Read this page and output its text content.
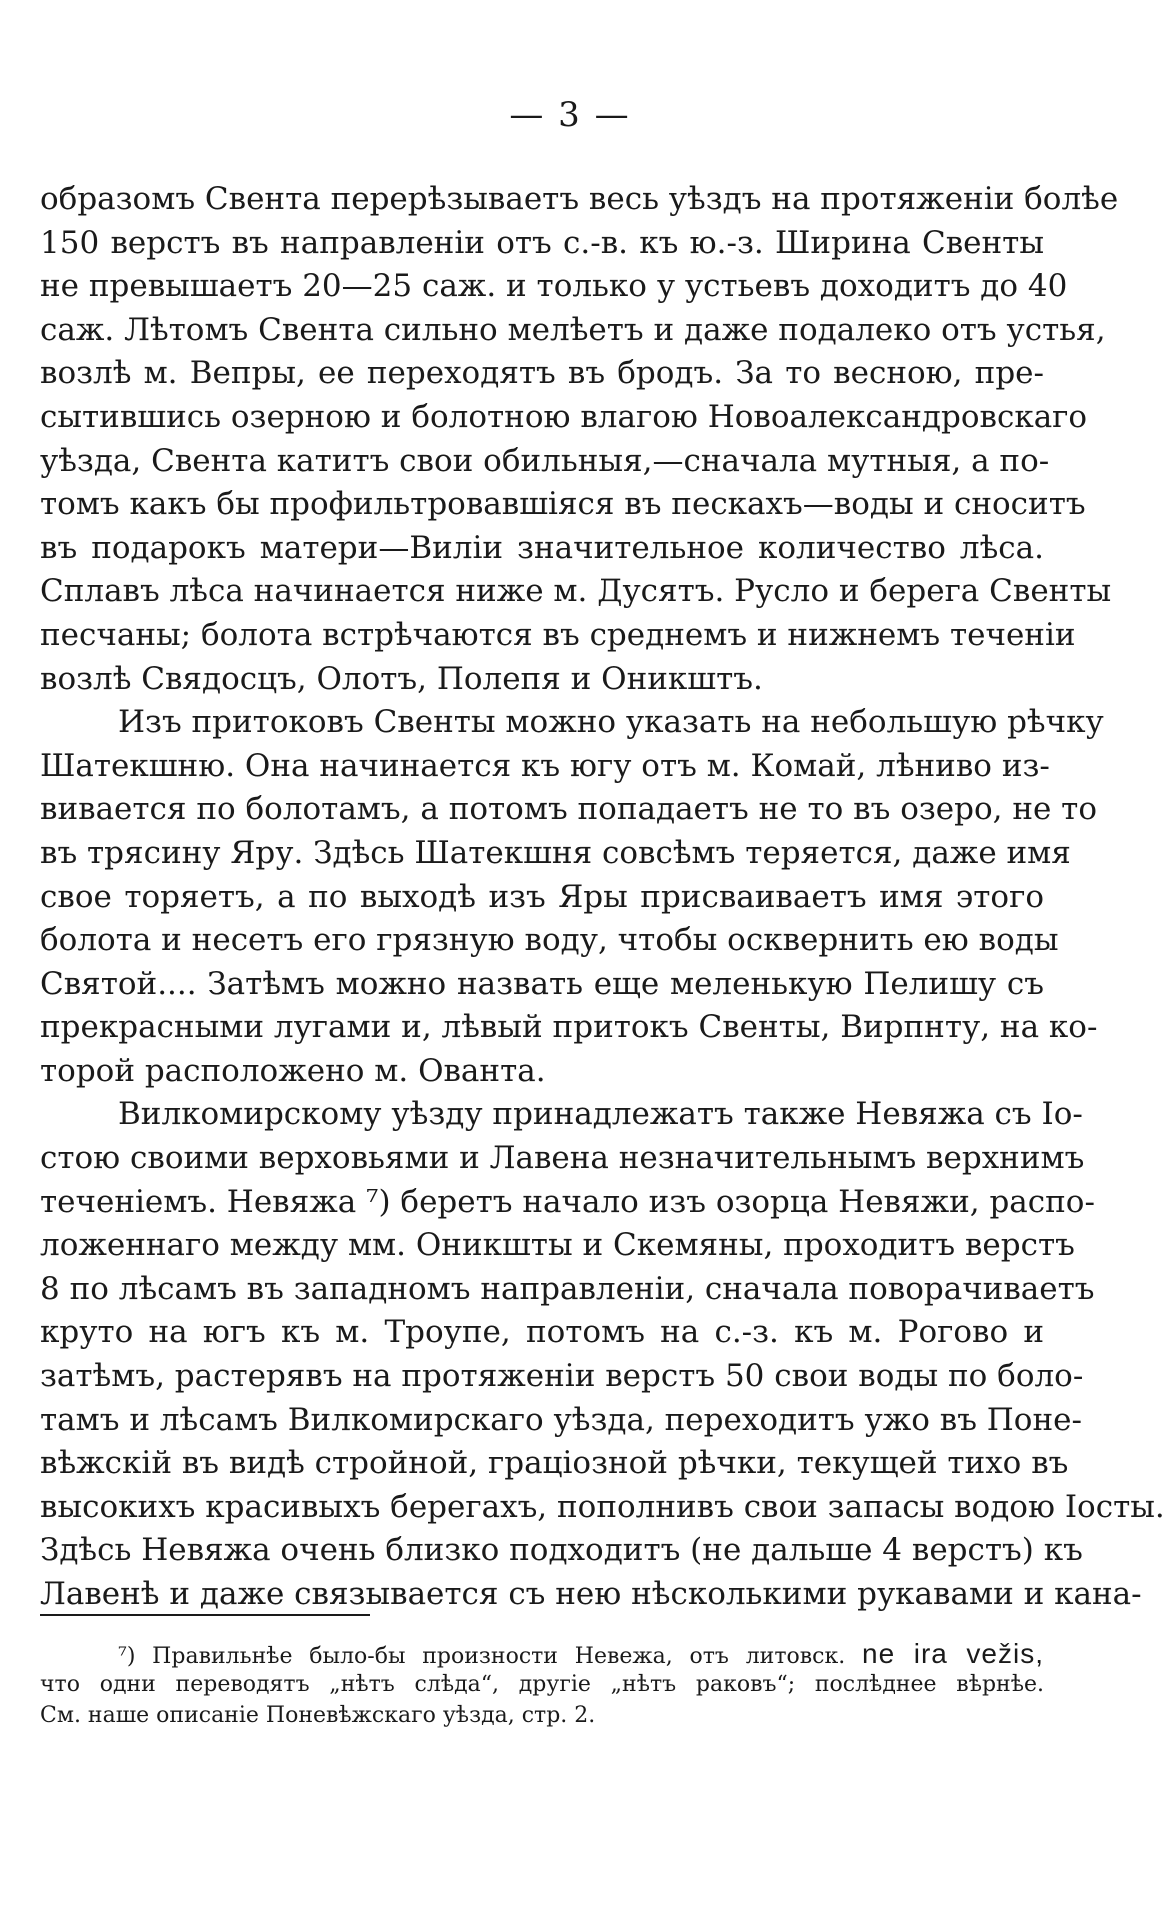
— 3 —
образомъ Свента перерѣзываетъ весь уѣздъ на протяженіи болѣе
150 верстъ въ направленіи отъ с.-в. къ ю.-з. Ширина Свенты
не превышаетъ 20—25 саж. и только у устьевъ доходитъ до 40
саж. Лѣтомъ Свента сильно мелѣетъ и даже подалеко отъ устья,
возлѣ м. Вепры, ее переходятъ въ бродъ. За то весною, пре-
сытившись озерною и болотною влагою Новоалександровскаго
уѣзда, Свента катитъ свои обильныя,—сначала мутныя, а по-
томъ какъ бы профильтровавшіяся въ пескахъ—воды и сноситъ
въ подарокъ матери—Виліи значительное количество лѣса.
Сплавъ лѣса начинается ниже м. Дусятъ. Русло и берега Свенты
песчаны; болота встрѣчаются въ среднемъ и нижнемъ теченіи
возлѣ Свядосцъ, Олотъ, Полепя и Оникштъ.
Изъ притоковъ Свенты можно указать на небольшую рѣчку
Шатекшню. Она начинается къ югу отъ м. Комай, лѣниво из-
вивается по болотамъ, а потомъ попадаетъ не то въ озеро, не то
въ трясину Яру. Здѣсь Шатекшня совсѣмъ теряется, даже имя
свое торяетъ, а по выходѣ изъ Яры присваиваетъ имя этого
болота и несетъ его грязную воду, чтобы осквернить ею воды
Святой.... Затѣмъ можно назвать еще меленькую Пелишу съ
прекрасными лугами и, лѣвый притокъ Свенты, Вирпнту, на ко-
торой расположено м. Ованта.
Вилкомирскому уѣзду принадлежатъ также Невяжа съ Іо-
стою своими верховьями и Лавена незначительнымъ верхнимъ
теченіемъ. Невяжа ⁷) беретъ начало изъ озорца Невяжи, распо-
ложеннаго между мм. Оникшты и Скемяны, проходитъ верстъ
8 по лѣсамъ въ западномъ направленіи, сначала поворачиваетъ
круто на югъ къ м. Троупе, потомъ на с.-з. къ м. Рогово и
затѣмъ, растерявъ на протяженіи верстъ 50 свои воды по боло-
тамъ и лѣсамъ Вилкомирскаго уѣзда, переходитъ ужо въ Поне-
вѣжскій въ видѣ стройной, граціозной рѣчки, текущей тихо въ
высокихъ красивыхъ берегахъ, пополнивъ свои запасы водою Іосты.
Здѣсь Невяжа очень близко подходитъ (не дальше 4 верстъ) къ
Лавенѣ и даже связывается съ нею нѣсколькими рукавами и кана-
⁷) Правильнѣе было-бы произности Невежа, отъ литовск. ne ira vežis,
что одни переводятъ „нѣтъ слѣда“, другіе „нѣтъ раковъ“; послѣднее вѣрнѣе.
См. наше описаніе Поневѣжскаго уѣзда, стр. 2.
